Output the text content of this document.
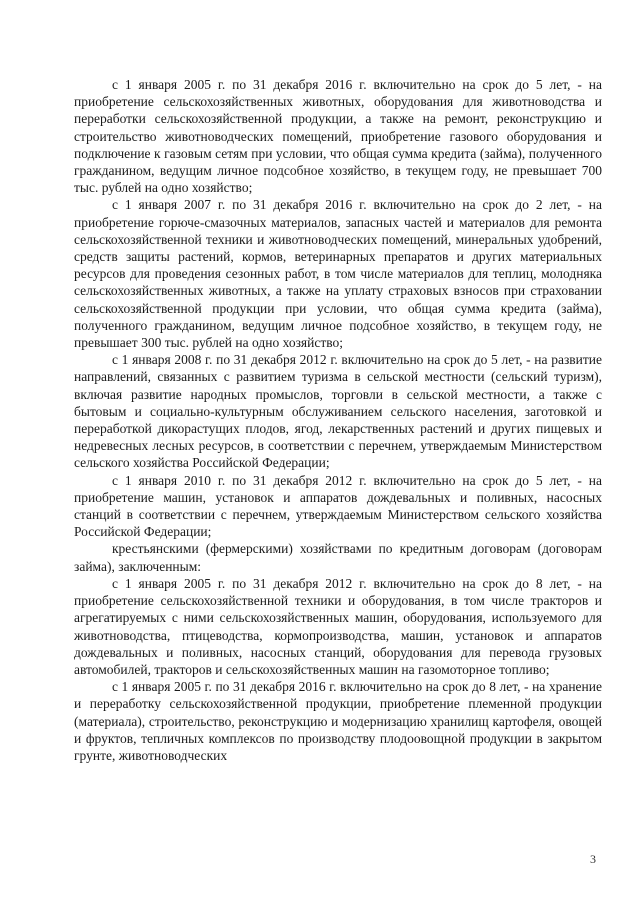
с 1 января 2005 г. по 31 декабря 2016 г. включительно на срок до 5 лет, - на приобретение сельскохозяйственных животных, оборудования для животноводства и переработки сельскохозяйственной продукции, а также на ремонт, реконструкцию и строительство животноводческих помещений, приобретение газового оборудования и подключение к газовым сетям при условии, что общая сумма кредита (займа), полученного гражданином, ведущим личное подсобное хозяйство, в текущем году, не превышает 700 тыс. рублей на одно хозяйство;

с 1 января 2007 г. по 31 декабря 2016 г. включительно на срок до 2 лет, - на приобретение горюче-смазочных материалов, запасных частей и материалов для ремонта сельскохозяйственной техники и животноводческих помещений, минеральных удобрений, средств защиты растений, кормов, ветеринарных препаратов и других материальных ресурсов для проведения сезонных работ, в том числе материалов для теплиц, молодняка сельскохозяйственных животных, а также на уплату страховых взносов при страховании сельскохозяйственной продукции при условии, что общая сумма кредита (займа), полученного гражданином, ведущим личное подсобное хозяйство, в текущем году, не превышает 300 тыс. рублей на одно хозяйство;

с 1 января 2008 г. по 31 декабря 2012 г. включительно на срок до 5 лет, - на развитие направлений, связанных с развитием туризма в сельской местности (сельский туризм), включая развитие народных промыслов, торговли в сельской местности, а также с бытовым и социально-культурным обслуживанием сельского населения, заготовкой и переработкой дикорастущих плодов, ягод, лекарственных растений и других пищевых и недревесных лесных ресурсов, в соответствии с перечнем, утверждаемым Министерством сельского хозяйства Российской Федерации;

с 1 января 2010 г. по 31 декабря 2012 г. включительно на срок до 5 лет, - на приобретение машин, установок и аппаратов дождевальных и поливных, насосных станций в соответствии с перечнем, утверждаемым Министерством сельского хозяйства Российской Федерации;

крестьянскими (фермерскими) хозяйствами по кредитным договорам (договорам займа), заключенным:

с 1 января 2005 г. по 31 декабря 2012 г. включительно на срок до 8 лет, - на приобретение сельскохозяйственной техники и оборудования, в том числе тракторов и агрегатируемых с ними сельскохозяйственных машин, оборудования, используемого для животноводства, птицеводства, кормопроизводства, машин, установок и аппаратов дождевальных и поливных, насосных станций, оборудования для перевода грузовых автомобилей, тракторов и сельскохозяйственных машин на газомоторное топливо;

с 1 января 2005 г. по 31 декабря 2016 г. включительно на срок до 8 лет, - на хранение и переработку сельскохозяйственной продукции, приобретение племенной продукции (материала), строительство, реконструкцию и модернизацию хранилищ картофеля, овощей и фруктов, тепличных комплексов по производству плодоовощной продукции в закрытом грунте, животноводческих

3
